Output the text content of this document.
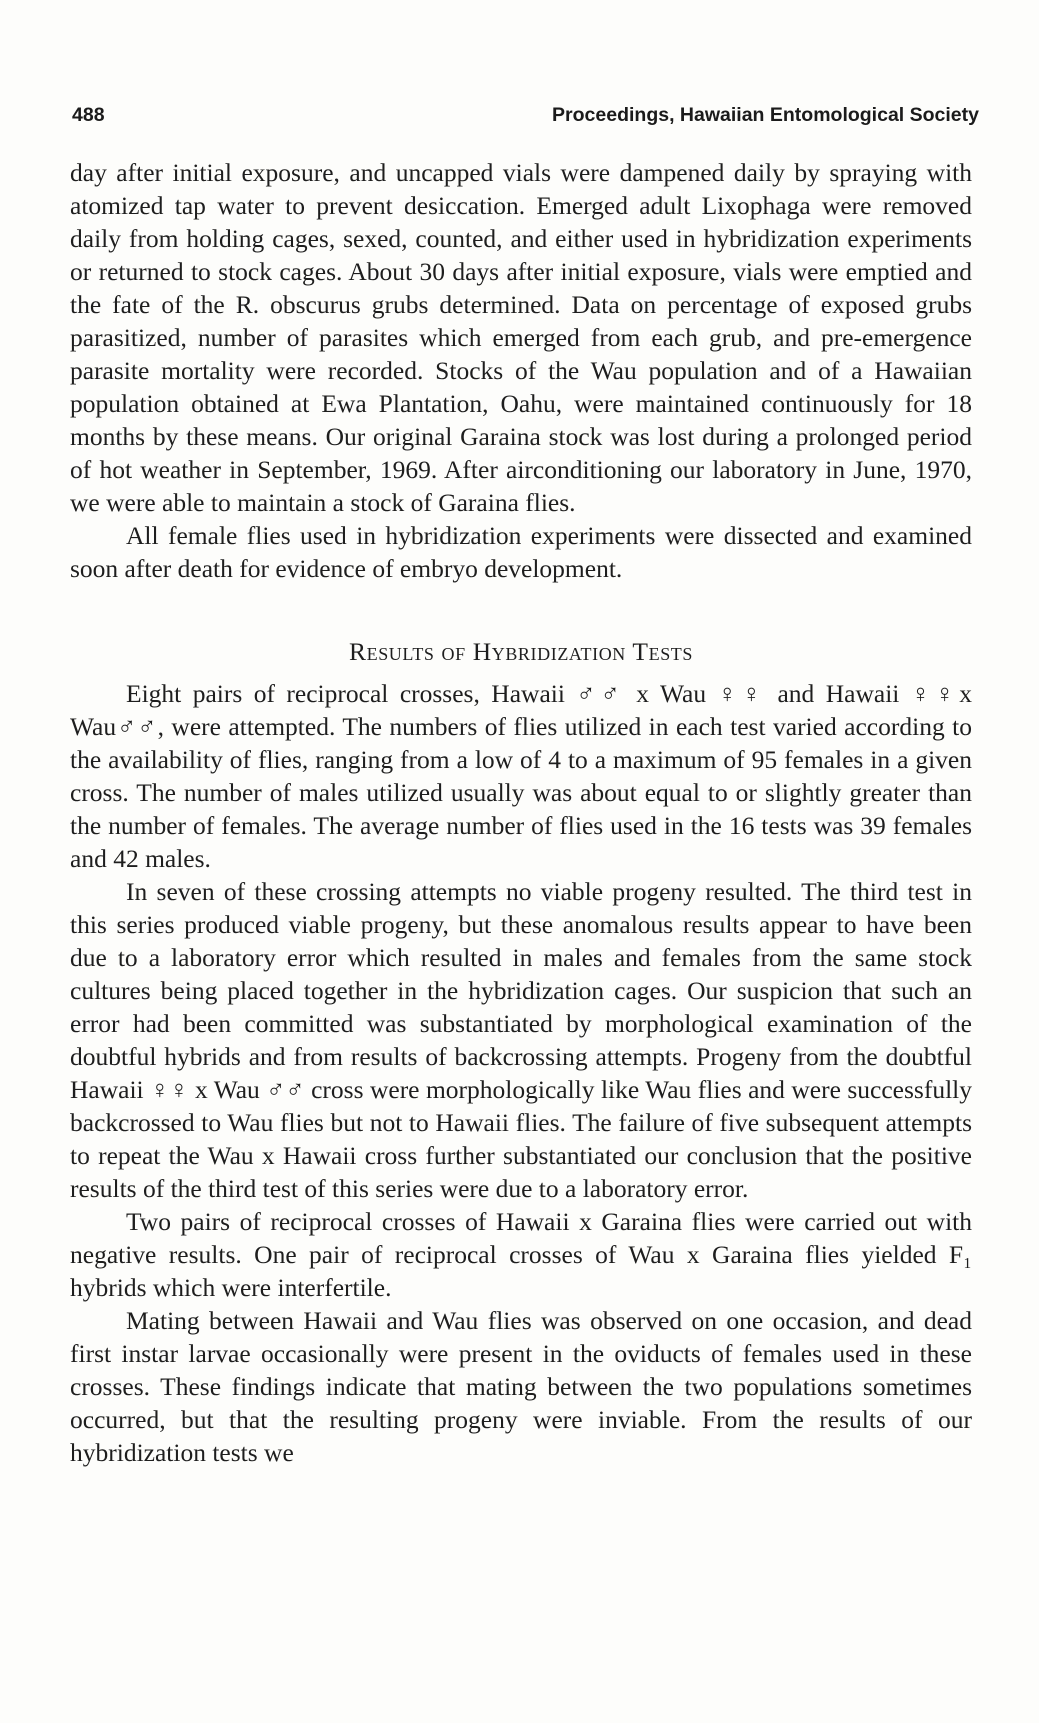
488	Proceedings, Hawaiian Entomological Society

day after initial exposure, and uncapped vials were dampened daily by spraying with atomized tap water to prevent desiccation. Emerged adult Lixophaga were removed daily from holding cages, sexed, counted, and either used in hybridization experiments or returned to stock cages. About 30 days after initial exposure, vials were emptied and the fate of the R. obscurus grubs determined. Data on percentage of exposed grubs parasitized, number of parasites which emerged from each grub, and pre-emergence parasite mortality were recorded. Stocks of the Wau population and of a Hawaiian population obtained at Ewa Plantation, Oahu, were maintained continuously for 18 months by these means. Our original Garaina stock was lost during a prolonged period of hot weather in September, 1969. After airconditioning our laboratory in June, 1970, we were able to maintain a stock of Garaina flies.

All female flies used in hybridization experiments were dissected and examined soon after death for evidence of embryo development.

Results of Hybridization Tests

Eight pairs of reciprocal crosses, Hawaii ♂♂ x Wau ♀♀ and Hawaii ♀♀x Wau♂♂, were attempted. The numbers of flies utilized in each test varied according to the availability of flies, ranging from a low of 4 to a maximum of 95 females in a given cross. The number of males utilized usually was about equal to or slightly greater than the number of females. The average number of flies used in the 16 tests was 39 females and 42 males.

In seven of these crossing attempts no viable progeny resulted. The third test in this series produced viable progeny, but these anomalous results appear to have been due to a laboratory error which resulted in males and females from the same stock cultures being placed together in the hybridization cages. Our suspicion that such an error had been committed was substantiated by morphological examination of the doubtful hybrids and from results of backcrossing attempts. Progeny from the doubtful Hawaii ♀♀ x Wau ♂♂ cross were morphologically like Wau flies and were successfully backcrossed to Wau flies but not to Hawaii flies. The failure of five subsequent attempts to repeat the Wau x Hawaii cross further substantiated our conclusion that the positive results of the third test of this series were due to a laboratory error.

Two pairs of reciprocal crosses of Hawaii x Garaina flies were carried out with negative results. One pair of reciprocal crosses of Wau x Garaina flies yielded F₁ hybrids which were interfertile.

Mating between Hawaii and Wau flies was observed on one occasion, and dead first instar larvae occasionally were present in the oviducts of females used in these crosses. These findings indicate that mating between the two populations sometimes occurred, but that the resulting progeny were inviable. From the results of our hybridization tests we
